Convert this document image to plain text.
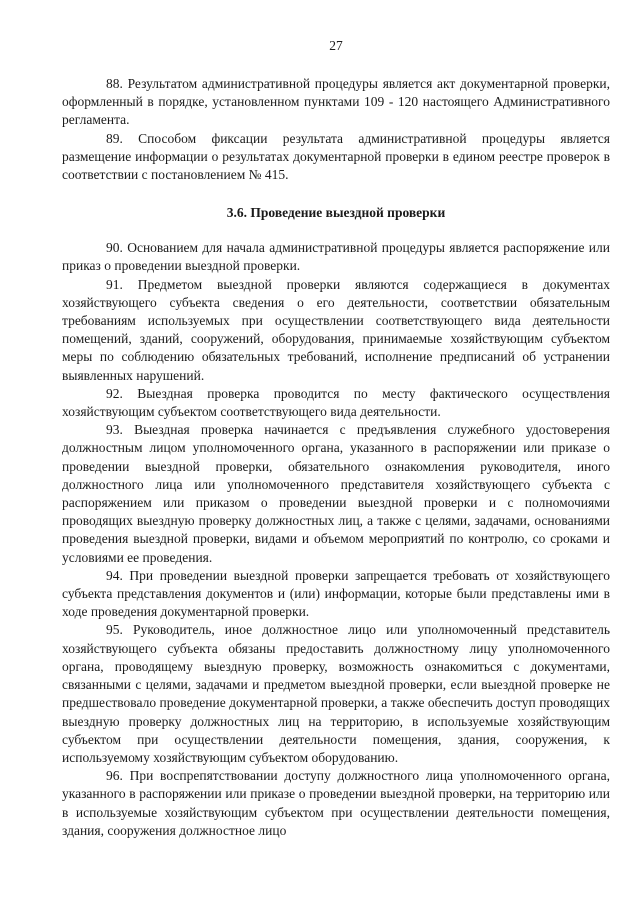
27

88. Результатом административной процедуры является акт документарной проверки, оформленный в порядке, установленном пунктами 109 - 120 настоящего Административного регламента.

89. Способом фиксации результата административной процедуры является размещение информации о результатах документарной проверки в едином реестре проверок в соответствии с постановлением № 415.

3.6. Проведение выездной проверки

90. Основанием для начала административной процедуры является распоряжение или приказ о проведении выездной проверки.

91. Предметом выездной проверки являются содержащиеся в документах хозяйствующего субъекта сведения о его деятельности, соответствии обязательным требованиям используемых при осуществлении соответствующего вида деятельности помещений, зданий, сооружений, оборудования, принимаемые хозяйствующим субъектом меры по соблюдению обязательных требований, исполнение предписаний об устранении выявленных нарушений.

92. Выездная проверка проводится по месту фактического осуществления хозяйствующим субъектом соответствующего вида деятельности.

93. Выездная проверка начинается с предъявления служебного удостоверения должностным лицом уполномоченного органа, указанного в распоряжении или приказе о проведении выездной проверки, обязательного ознакомления руководителя, иного должностного лица или уполномоченного представителя хозяйствующего субъекта с распоряжением или приказом о проведении выездной проверки и с полномочиями проводящих выездную проверку должностных лиц, а также с целями, задачами, основаниями проведения выездной проверки, видами и объемом мероприятий по контролю, со сроками и условиями ее проведения.

94. При проведении выездной проверки запрещается требовать от хозяйствующего субъекта представления документов и (или) информации, которые были представлены ими в ходе проведения документарной проверки.

95. Руководитель, иное должностное лицо или уполномоченный представитель хозяйствующего субъекта обязаны предоставить должностному лицу уполномоченного органа, проводящему выездную проверку, возможность ознакомиться с документами, связанными с целями, задачами и предметом выездной проверки, если выездной проверке не предшествовало проведение документарной проверки, а также обеспечить доступ проводящих выездную проверку должностных лиц на территорию, в используемые хозяйствующим субъектом при осуществлении деятельности помещения, здания, сооружения, к используемому хозяйствующим субъектом оборудованию.

96. При воспрепятствовании доступу должностного лица уполномоченного органа, указанного в распоряжении или приказе о проведении выездной проверки, на территорию или в используемые хозяйствующим субъектом при осуществлении деятельности помещения, здания, сооружения должностное лицо
